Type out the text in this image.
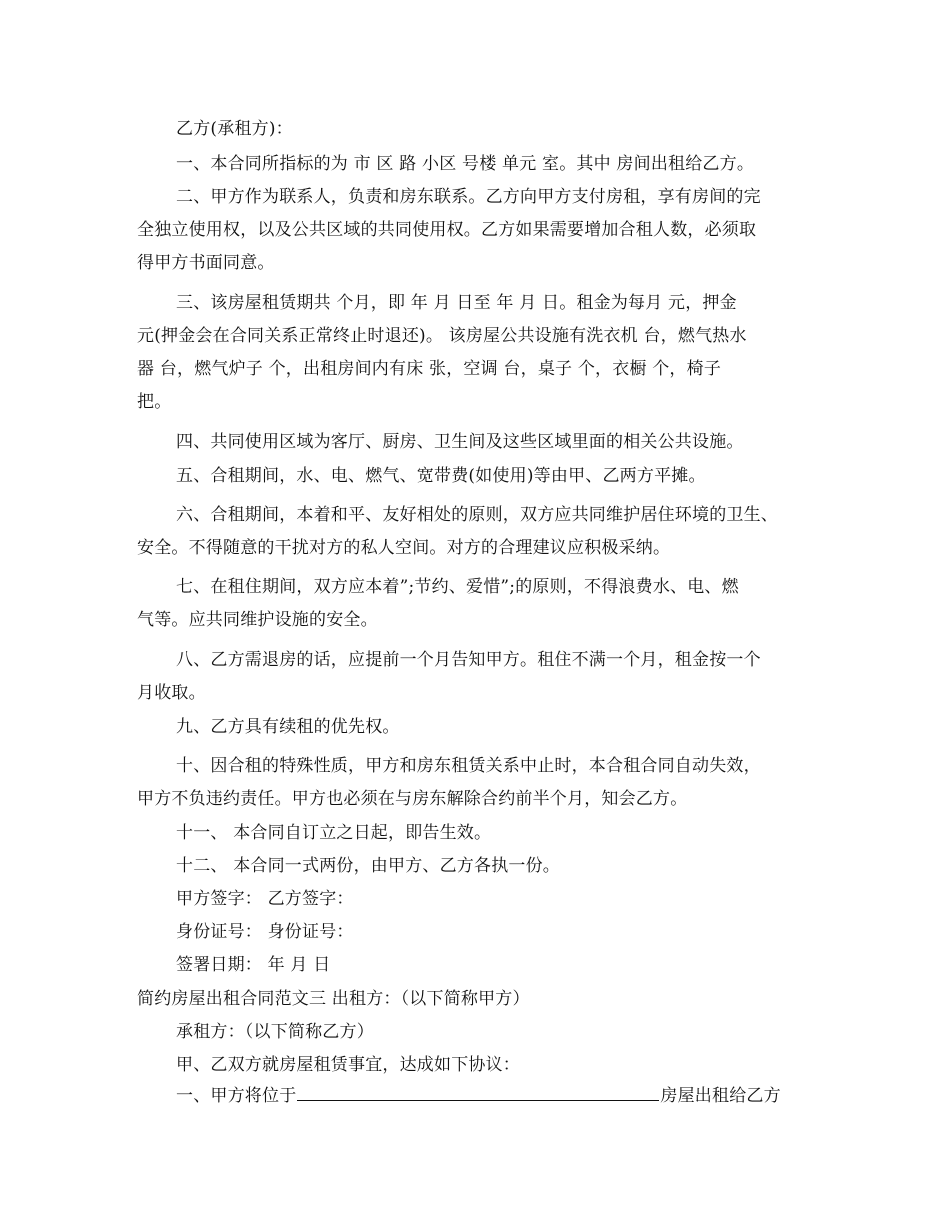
乙方(承租方)：
一、本合同所指标的为 市 区 路 小区 号楼 单元 室。其中 房间出租给乙方。
二、甲方作为联系人，负责和房东联系。乙方向甲方支付房租，享有房间的完
全独立使用权，以及公共区域的共同使用权。乙方如果需要增加合租人数，必须取
得甲方书面同意。
三、该房屋租赁期共 个月，即 年 月 日至 年 月 日。租金为每月 元，押金
元(押金会在合同关系正常终止时退还)。 该房屋公共设施有洗衣机 台，燃气热水
器 台，燃气炉子 个，出租房间内有床 张，空调 台，桌子 个，衣橱 个，椅子
把。
四、共同使用区域为客厅、厨房、卫生间及这些区域里面的相关公共设施。
五、合租期间，水、电、燃气、宽带费(如使用)等由甲、乙两方平摊。
六、合租期间，本着和平、友好相处的原则，双方应共同维护居住环境的卫生、
安全。不得随意的干扰对方的私人空间。对方的合理建议应积极采纳。
七、在租住期间，双方应本着”;节约、爱惜”;的原则，不得浪费水、电、燃
气等。应共同维护设施的安全。
八、乙方需退房的话，应提前一个月告知甲方。租住不满一个月，租金按一个
月收取。
九、乙方具有续租的优先权。
十、因合租的特殊性质，甲方和房东租赁关系中止时，本合租合同自动失效，
甲方不负违约责任。甲方也必须在与房东解除合约前半个月，知会乙方。
十一、 本合同自订立之日起，即告生效。
十二、 本合同一式两份，由甲方、乙方各执一份。
甲方签字： 乙方签字：
身份证号： 身份证号：
签署日期： 年 月 日
简约房屋出租合同范文三 出租方：（以下简称甲方）
承租方：（以下简称乙方）
甲、乙双方就房屋租赁事宜，达成如下协议：
一、甲方将位于	房屋出租给乙方
